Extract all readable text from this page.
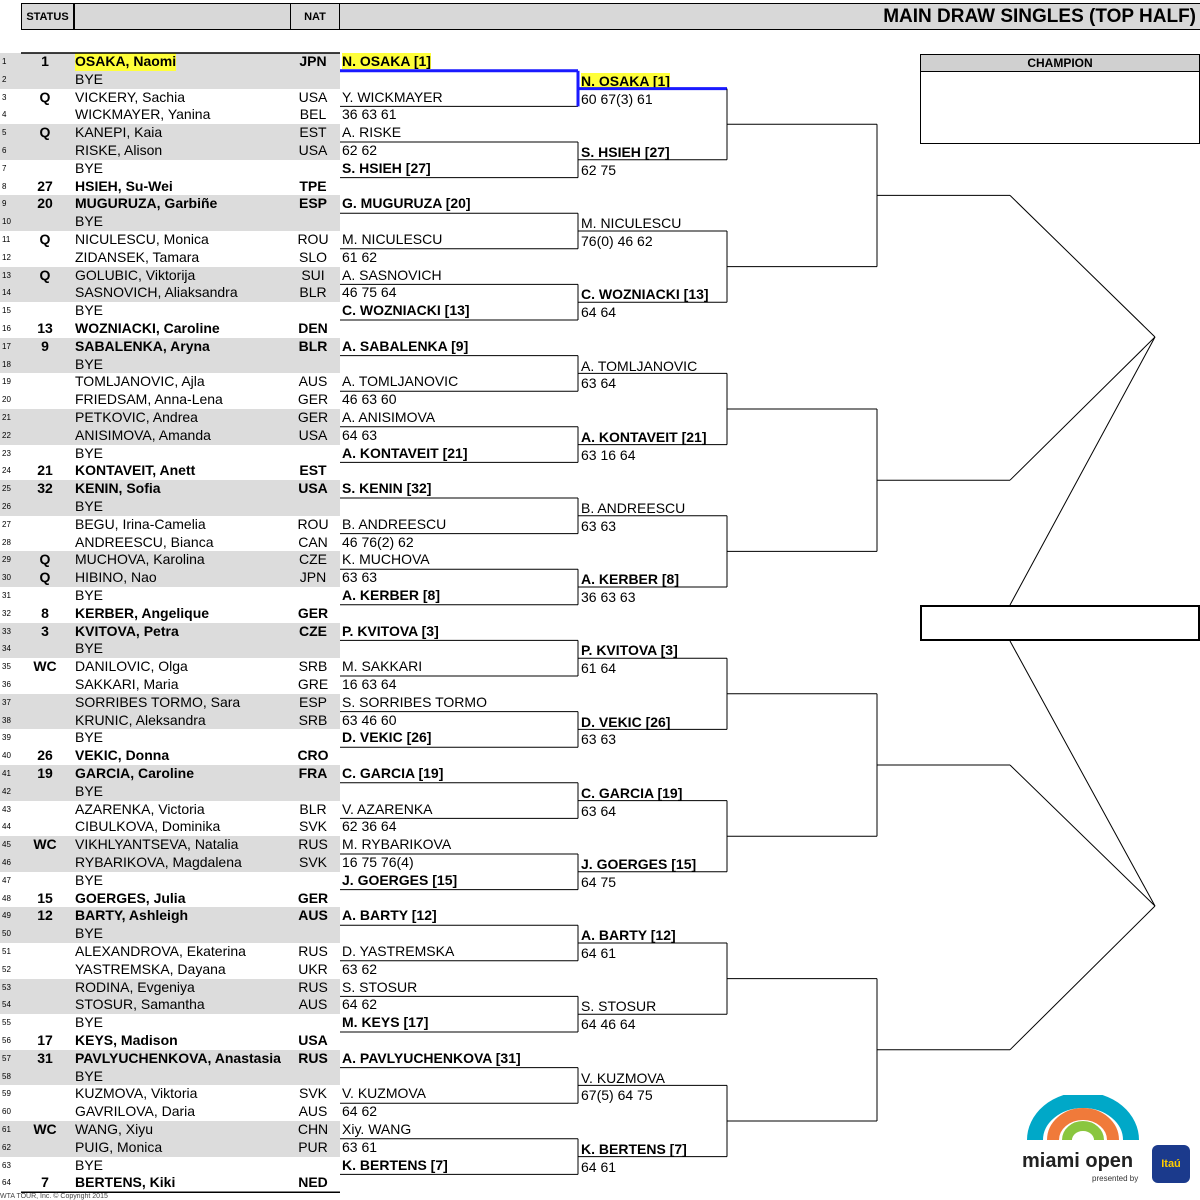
STATUS	NAT	MAIN DRAW SINGLES (TOP HALF)
1	1	OSAKA, Naomi	JPN
2	BYE
3	Q	VICKERY, Sachia	USA
4	WICKMAYER, Yanina	BEL
5	Q	KANEPI, Kaia	EST
6	RISKE, Alison	USA
7	BYE
8	27	HSIEH, Su-Wei	TPE
9	20	MUGURUZA, Garbiñe	ESP
10	BYE
11	Q	NICULESCU, Monica	ROU
12	ZIDANSEK, Tamara	SLO
13	Q	GOLUBIC, Viktorija	SUI
14	SASNOVICH, Aliaksandra	BLR
15	BYE
16	13	WOZNIACKI, Caroline	DEN
17	9	SABALENKA, Aryna	BLR
18	BYE
19	TOMLJANOVIC, Ajla	AUS
20	FRIEDSAM, Anna-Lena	GER
21	PETKOVIC, Andrea	GER
22	ANISIMOVA, Amanda	USA
23	BYE
24	21	KONTAVEIT, Anett	EST
25	32	KENIN, Sofia	USA
26	BYE
27	BEGU, Irina-Camelia	ROU
28	ANDREESCU, Bianca	CAN
29	Q	MUCHOVA, Karolina	CZE
30	Q	HIBINO, Nao	JPN
31	BYE
32	8	KERBER, Angelique	GER
33	3	KVITOVA, Petra	CZE
34	BYE
35	WC DANILOVIC, Olga	SRB
36	SAKKARI, Maria	GRE
37	SORRIBES TORMO, Sara	ESP
38	KRUNIC, Aleksandra	SRB
39	BYE
40	26	VEKIC, Donna	CRO
41	19	GARCIA, Caroline	FRA
42	BYE
43	AZARENKA, Victoria	BLR
44	CIBULKOVA, Dominika	SVK
45	WC VIKHLYANTSEVA, Natalia	RUS
46	RYBARIKOVA, Magdalena	SVK
47	BYE
48	15	GOERGES, Julia	GER
49	12	BARTY, Ashleigh	AUS
50	BYE
51	ALEXANDROVA, Ekaterina	RUS
52	YASTREMSKA, Dayana	UKR
53	RODINA, Evgeniya	RUS
54	STOSUR, Samantha	AUS
55	BYE
56	17	KEYS, Madison	USA
57	31	PAVLYUCHENKOVA, Anastasia RUS
58	BYE
59	KUZMOVA, Viktoria	SVK
60	GAVRILOVA, Daria	AUS
61	WC WANG, Xiyu	CHN
62	PUIG, Monica	PUR
63	BYE
64	7	BERTENS, Kiki	NED
N. OSAKA [1]
Y. WICKMAYER
36 63 61
A. RISKE
62 62
S. HSIEH [27]
G. MUGURUZA [20]
M. NICULESCU
61 62
A. SASNOVICH
46 75 64
C. WOZNIACKI [13]
A. SABALENKA [9]
A. TOMLJANOVIC
46 63 60
A. ANISIMOVA
64 63
A. KONTAVEIT [21]
S. KENIN [32]
B. ANDREESCU
46 76(2) 62
K. MUCHOVA
63 63
A. KERBER [8]
P. KVITOVA [3]
M. SAKKARI
16 63 64
S. SORRIBES TORMO
63 46 60
D. VEKIC [26]
C. GARCIA [19]
V. AZARENKA
62 36 64
M. RYBARIKOVA
16 75 76(4)
J. GOERGES [15]
A. BARTY [12]
D. YASTREMSKA
63 62
S. STOSUR
64 62
M. KEYS [17]
A. PAVLYUCHENKOVA [31]
V. KUZMOVA
64 62
Xiy. WANG
63 61
K. BERTENS [7]
N. OSAKA [1]
60 67(3) 61
S. HSIEH [27]
62 75
M. NICULESCU
76(0) 46 62
C. WOZNIACKI [13]
64 64
A. TOMLJANOVIC
63 64
A. KONTAVEIT [21]
63 16 64
B. ANDREESCU
63 63
A. KERBER [8]
36 63 63
P. KVITOVA [3]
61 64
D. VEKIC [26]
63 63
C. GARCIA [19]
63 64
J. GOERGES [15]
64 75
A. BARTY [12]
64 61
S. STOSUR
64 46 64
V. KUZMOVA
67(5) 64 75
K. BERTENS [7]
64 61
CHAMPION
miami open
presented by
Itaú
WTA TOUR, Inc. © Copyright 2015
